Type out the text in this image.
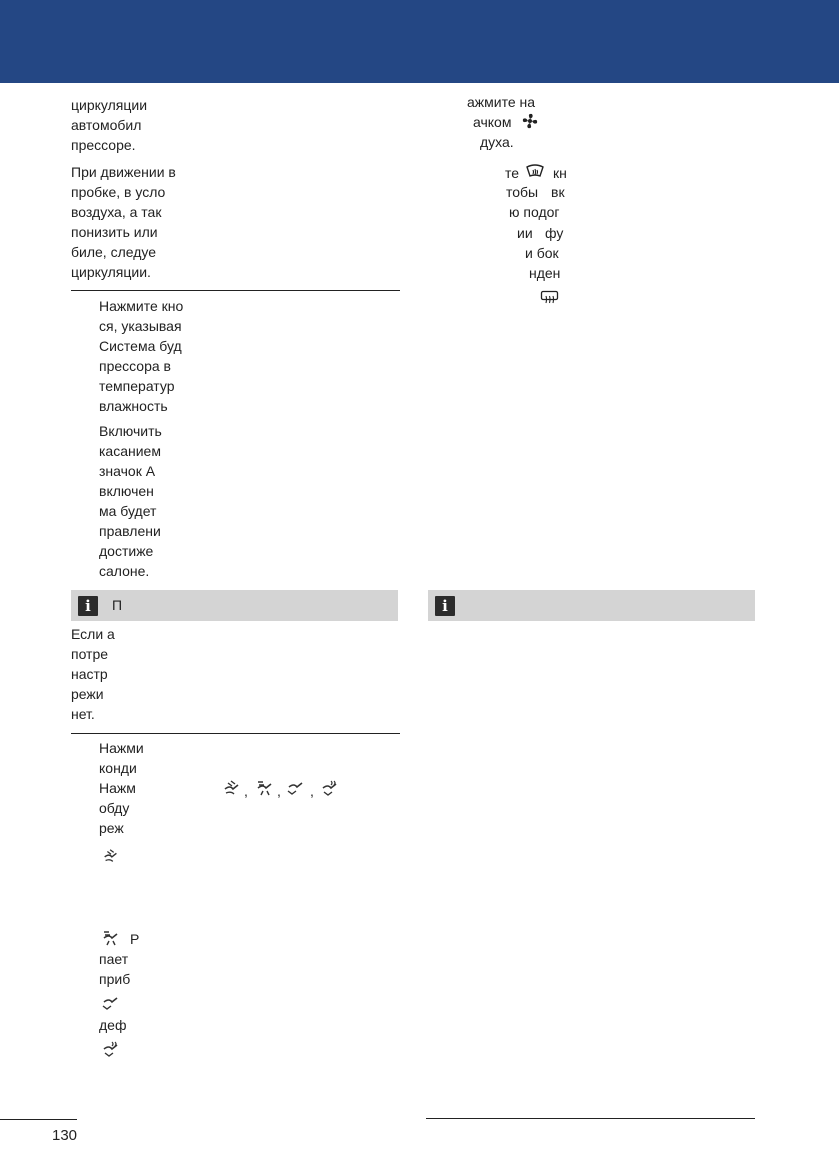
циркуляции
автомобил
прессоре.
При движении в
пробке, в усло
воздуха, а так
понизить или
биле, следуе
циркуляции.
Нажмите кно
ся, указывая
Система буд
прессора в
температур
влажность
Включить
касанием
значок А
включен
ма будет
правлени
достиже
салоне.
i	П
Если а
потре
настр
режи
нет.
Нажми
конди
Нажм
обду
реж
, , ,
Р
пает
приб
деф
ажмите на
ачком
духа.
те кн
тобы вк
ю подог
ии фу
и бок
нден
i
130
